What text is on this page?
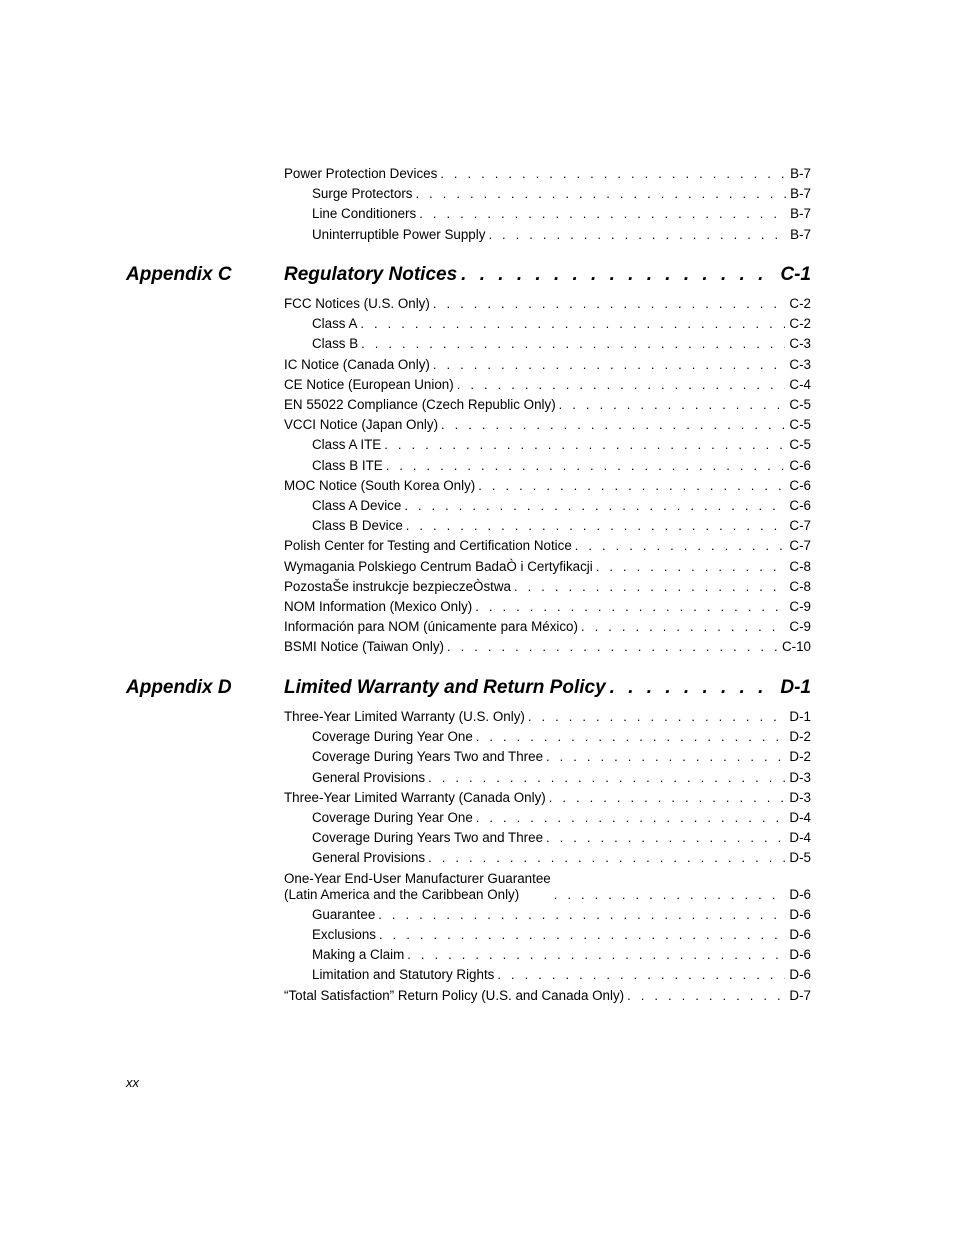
Power Protection Devices . . .	B-7
Surge Protectors . . .	B-7
Line Conditioners . . .	B-7
Uninterruptible Power Supply . . .	B-7
Appendix C	Regulatory Notices . . .	C-1
FCC Notices (U.S. Only) . . .	C-2
Class A . . .	C-2
Class B . . .	C-3
IC Notice (Canada Only) . . .	C-3
CE Notice (European Union) . . .	C-4
EN 55022 Compliance (Czech Republic Only) . . .	C-5
VCCI Notice (Japan Only) . . .	C-5
Class A ITE . . .	C-5
Class B ITE . . .	C-6
MOC Notice (South Korea Only) . . .	C-6
Class A Device . . .	C-6
Class B Device . . .	C-7
Polish Center for Testing and Certification Notice . . .	C-7
Wymagania Polskiego Centrum BadaÒ i Certyfikacji . . .	C-8
PozostaŠe instrukcje bezpieczeÒstwa . . .	C-8
NOM Information (Mexico Only) . . .	C-9
Información para NOM (únicamente para México) . . .	C-9
BSMI Notice (Taiwan Only) . . .	C-10
Appendix D	Limited Warranty and Return Policy . . .	D-1
Three-Year Limited Warranty (U.S. Only) . . .	D-1
Coverage During Year One . . .	D-2
Coverage During Years Two and Three . . .	D-2
General Provisions . . .	D-3
Three-Year Limited Warranty (Canada Only) . . .	D-3
Coverage During Year One . . .	D-4
Coverage During Years Two and Three . . .	D-4
General Provisions . . .	D-5
One-Year End-User Manufacturer Guarantee
(Latin America and the Caribbean Only) . . .	D-6
Guarantee . . .	D-6
Exclusions . . .	D-6
Making a Claim . . .	D-6
Limitation and Statutory Rights . . .	D-6
“Total Satisfaction” Return Policy (U.S. and Canada Only) . . .	D-7
xx
